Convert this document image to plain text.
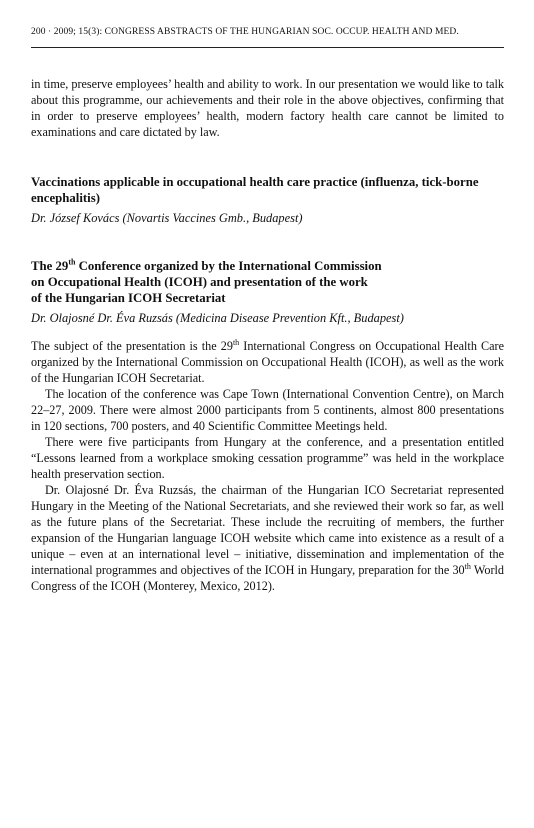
200 · 2009; 15(3): CONGRESS ABSTRACTS OF THE HUNGARIAN SOC. OCCUP. HEALTH AND MED.

in time, preserve employees’ health and ability to work. In our presentation we would like to talk about this programme, our achievements and their role in the above objectives, confirming that in order to preserve employees’ health, modern factory health care cannot be limited to examinations and care dictated by law.

Vaccinations applicable in occupational health care practice (influenza, tick-borne encephalitis)

Dr. József Kovács (Novartis Vaccines Gmb., Budapest)

The 29th Conference organized by the International Commission
on Occupational Health (ICOH) and presentation of the work
of the Hungarian ICOH Secretariat

Dr. Olajosné Dr. Éva Ruzsás (Medicina Disease Prevention Kft., Budapest)

The subject of the presentation is the 29th International Congress on Occupational Health Care organized by the International Commission on Occupational Health (ICOH), as well as the work of the Hungarian ICOH Secretariat.

The location of the conference was Cape Town (International Convention Centre), on March 22–27, 2009. There were almost 2000 participants from 5 continents, almost 800 presentations in 120 sections, 700 posters, and 40 Scientific Committee Meetings held.

There were five participants from Hungary at the conference, and a presentation entitled “Lessons learned from a workplace smoking cessation programme” was held in the workplace health preservation section.

Dr. Olajosné Dr. Éva Ruzsás, the chairman of the Hungarian ICO Secretariat represented Hungary in the Meeting of the National Secretariats, and she reviewed their work so far, as well as the future plans of the Secretariat. These include the recruiting of members, the further expansion of the Hungarian language ICOH website which came into existence as a result of a unique – even at an international level – initiative, dissemination and implementation of the international programmes and objectives of the ICOH in Hungary, preparation for the 30th World Congress of the ICOH (Monterey, Mexico, 2012).
